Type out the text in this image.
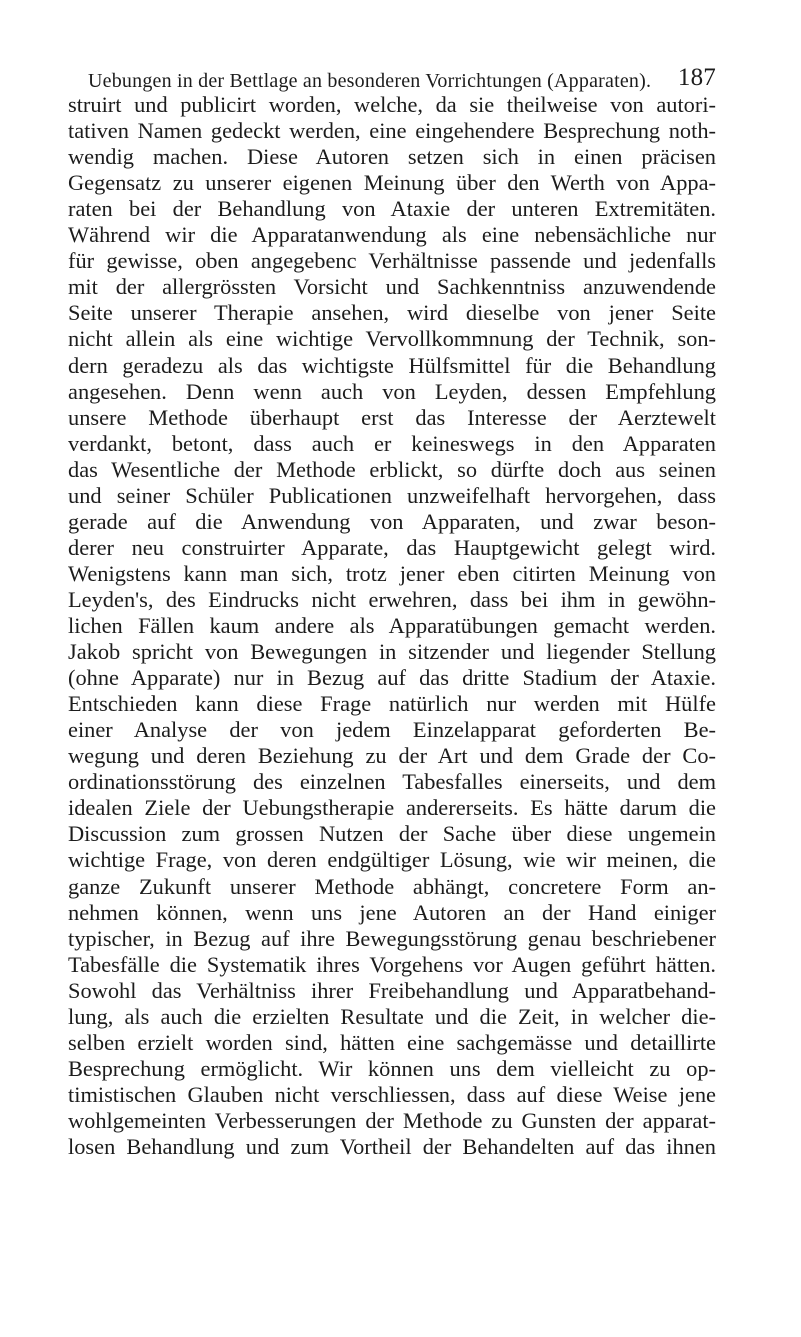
Uebungen in der Bettlage an besonderen Vorrichtungen (Apparaten). 187
struirt und publicirt worden, welche, da sie theilweise von autori-
tativen Namen gedeckt werden, eine eingehendere Besprechung noth-
wendig machen. Diese Autoren setzen sich in einen präcisen
Gegensatz zu unserer eigenen Meinung über den Werth von Appa-
raten bei der Behandlung von Ataxie der unteren Extremitäten.
Während wir die Apparatanwendung als eine nebensächliche nur
für gewisse, oben angegebenc Verhältnisse passende und jedenfalls
mit der allergrössten Vorsicht und Sachkenntniss anzuwendende
Seite unserer Therapie ansehen, wird dieselbe von jener Seite
nicht allein als eine wichtige Vervollkommnung der Technik, son-
dern geradezu als das wichtigste Hülfsmittel für die Behandlung
angesehen. Denn wenn auch von Leyden, dessen Empfehlung
unsere Methode überhaupt erst das Interesse der Aerztewelt
verdankt, betont, dass auch er keineswegs in den Apparaten
das Wesentliche der Methode erblickt, so dürfte doch aus seinen
und seiner Schüler Publicationen unzweifelhaft hervorgehen, dass
gerade auf die Anwendung von Apparaten, und zwar beson-
derer neu construirter Apparate, das Hauptgewicht gelegt wird.
Wenigstens kann man sich, trotz jener eben citirten Meinung von
Leyden's, des Eindrucks nicht erwehren, dass bei ihm in gewöhn-
lichen Fällen kaum andere als Apparatübungen gemacht werden.
Jakob spricht von Bewegungen in sitzender und liegender Stellung
(ohne Apparate) nur in Bezug auf das dritte Stadium der Ataxie.
Entschieden kann diese Frage natürlich nur werden mit Hülfe
einer Analyse der von jedem Einzelapparat geforderten Be-
wegung und deren Beziehung zu der Art und dem Grade der Co-
ordinationsstörung des einzelnen Tabesfalles einerseits, und dem
idealen Ziele der Uebungstherapie andererseits. Es hätte darum die
Discussion zum grossen Nutzen der Sache über diese ungemein
wichtige Frage, von deren endgültiger Lösung, wie wir meinen, die
ganze Zukunft unserer Methode abhängt, concretere Form an-
nehmen können, wenn uns jene Autoren an der Hand einiger
typischer, in Bezug auf ihre Bewegungsstörung genau beschriebener
Tabesfälle die Systematik ihres Vorgehens vor Augen geführt hätten.
Sowohl das Verhältniss ihrer Freibehandlung und Apparatbehand-
lung, als auch die erzielten Resultate und die Zeit, in welcher die-
selben erzielt worden sind, hätten eine sachgemässe und detaillirte
Besprechung ermöglicht. Wir können uns dem vielleicht zu op-
timistischen Glauben nicht verschliessen, dass auf diese Weise jene
wohlgemeinten Verbesserungen der Methode zu Gunsten der apparat-
losen Behandlung und zum Vortheil der Behandelten auf das ihnen
